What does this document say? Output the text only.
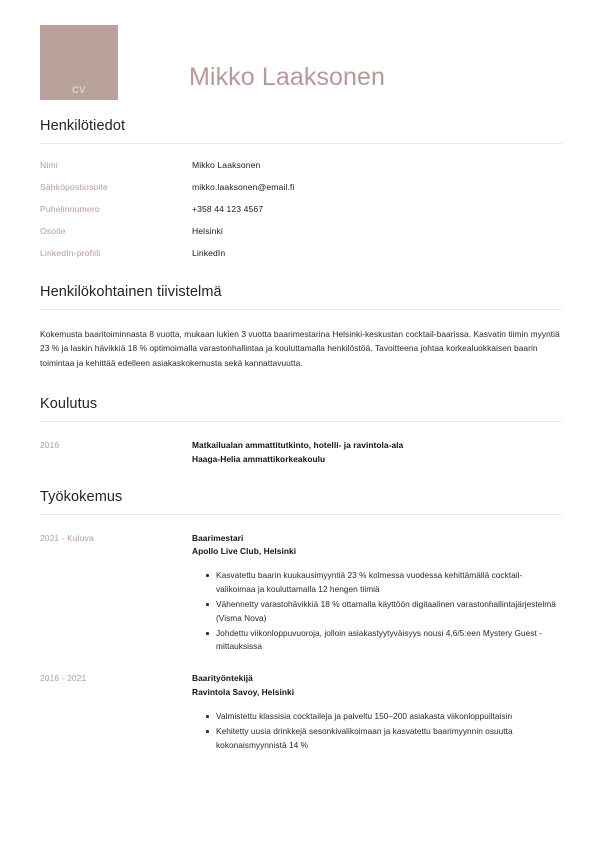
CV	Mikko Laaksonen
Henkilötiedot
Nimi	Mikko Laaksonen
Sähköpostiosoite	mikko.laaksonen@email.fi
Puhelinnumero	+358 44 123 4567
Osoite	Helsinki
LinkedIn-profiili	LinkedIn
Henkilökohtainen tiivistelmä

Kokemusta baaritoiminnasta 8 vuotta, mukaan lukien 3 vuotta baarimestarina Helsinki-keskustan cocktail-baarissa. Kasvatin tiimin myyntiä 23 % ja laskin hävikkiä 18 % optimoimalla varastonhallintaa ja kouluttamalla henkilöstöä. Tavoitteena johtaa korkealuokkaisen baarin toimintaa ja kehittää edelleen asiakaskokemusta sekä kannattavuutta.

Koulutus
2016	Matkailualan ammattitutkinto, hotelli- ja ravintola-ala
Haaga-Helia ammattikorkeakoulu
Työkokemus
2021 - Kuluva	Baarimestari
Apollo Live Club, Helsinki
Kasvatettu baarin kuukausimyyntiä 23 % kolmessa vuodessa kehittämällä cocktail-valikoimaa ja kouluttamalla 12 hengen tiimiä
Vähennetty varastohävikkiä 18 % ottamalla käyttöön digitaalinen varastonhallintajärjestelmä (Visma Nova)
Johdettu viikonloppuvuoroja, jolloin asiakastyytyväisyys nousi 4,6/5:een Mystery Guest -mittauksissa
2016 - 2021	Baarityöntekijä
Ravintola Savoy, Helsinki
Valmistettu klassisia cocktaileja ja palveltu 150–200 asiakasta viikonloppuiltaisin
Kehitetty uusia drinkkejä sesonkivalikoimaan ja kasvatettu baarimyynnin osuutta kokonaismyynnistä 14 %
